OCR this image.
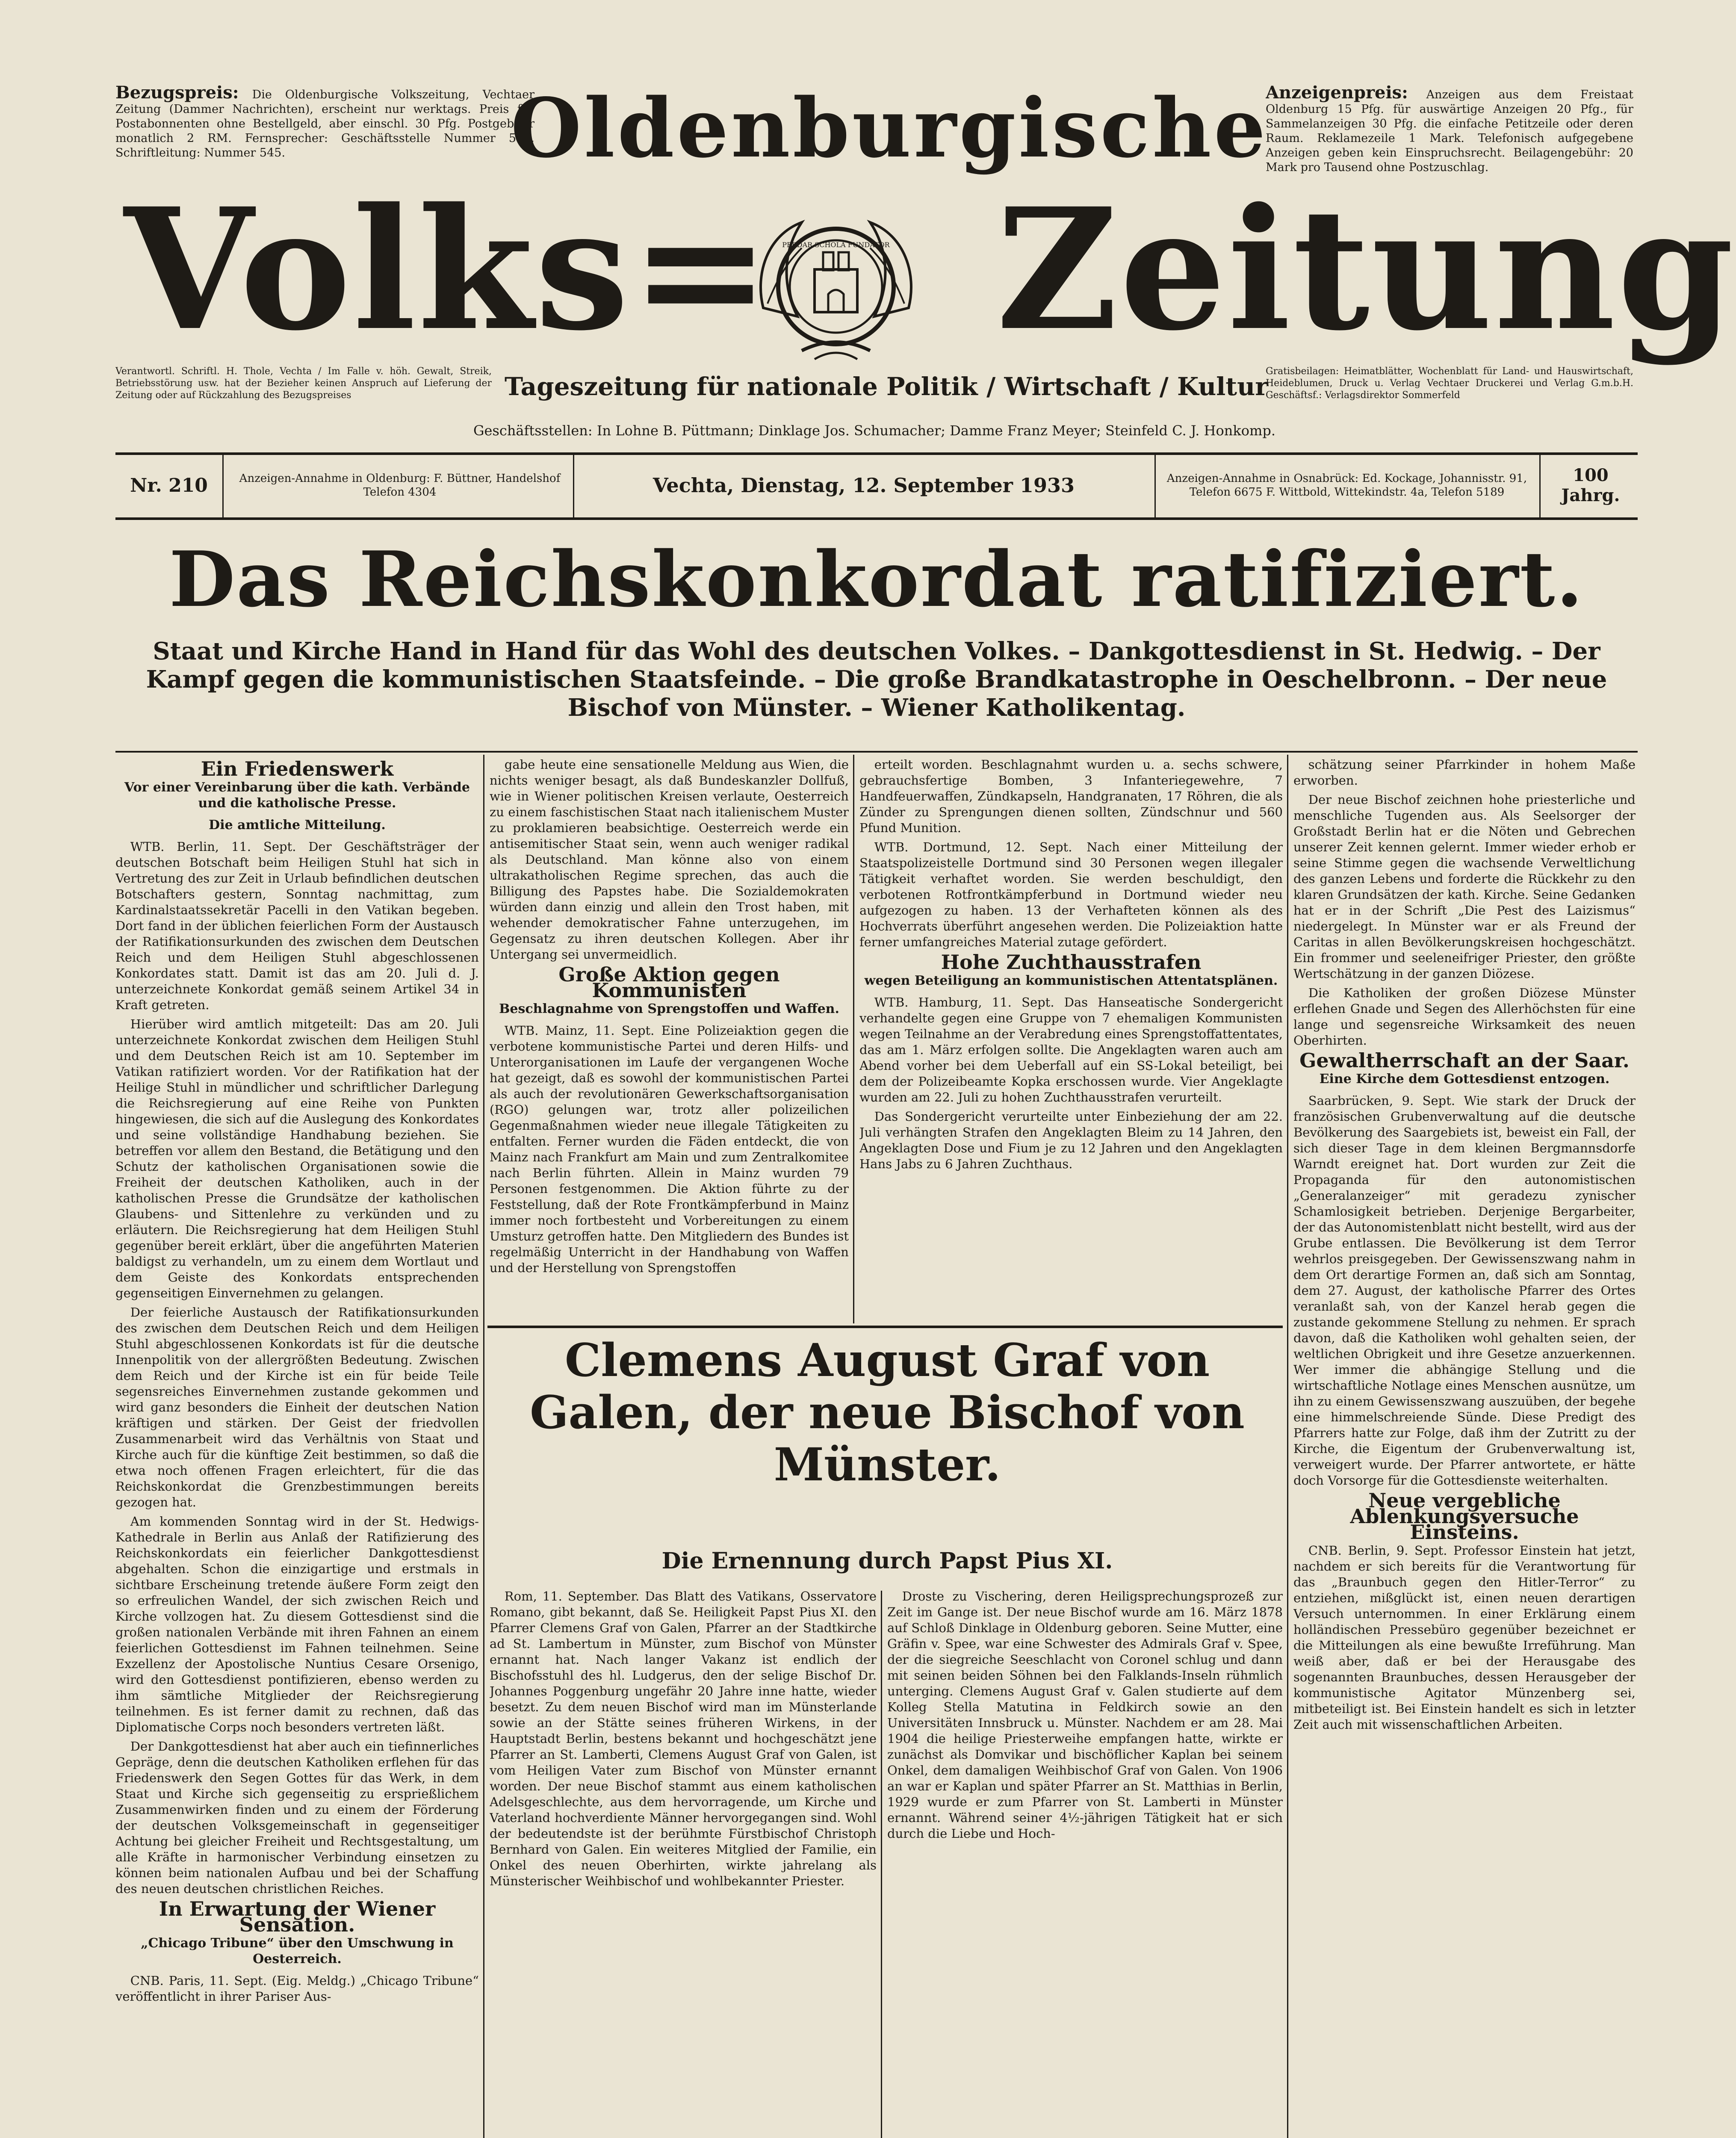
Bezugspreis: Die Oldenburgische Volkszeitung, Vechtaer Zeitung (Dammer Nachrichten), erscheint nur werktags. Preis für Postabonnenten ohne Bestellgeld, aber einschl. 30 Pfg. Postgebühr monatlich 2 RM. Fernsprecher: Geschäftsstelle Nummer 544, Schriftleitung: Nummer 545.
Anzeigenpreis: Anzeigen aus dem Freistaat Oldenburg 15 Pfg. für auswärtige Anzeigen 20 Pfg., für Sammelanzeigen 30 Pfg. die einfache Petitzeile oder deren Raum. Reklamezeile 1 Mark. Telefonisch aufgegebene Anzeigen geben kein Einspruchsrecht. Beilagengebühr: 20 Mark pro Tausend ohne Postzuschlag.
Oldenburgische
Volks= Zeitung
PERDAR SCHOLA FUNDATOR
Verantwortl. Schriftl. H. Thole, Vechta / Im Falle v. höh. Gewalt, Streik, Betriebsstörung usw. hat der Bezieher keinen Anspruch auf Lieferung der Zeitung oder auf Rückzahlung des Bezugspreises	Tageszeitung für nationale Politik / Wirtschaft / Kultur
Gratisbeilagen: Heimatblätter, Wochenblatt für Land- und Hauswirtschaft, Heideblumen, Druck u. Verlag Vechtaer Druckerei und Verlag G.m.b.H. Geschäftsf.: Verlagsdirektor Sommerfeld
Geschäftsstellen: In Lohne B. Püttmann; Dinklage Jos. Schumacher; Damme Franz Meyer; Steinfeld C. J. Honkomp.
Nr. 210	Anzeigen-Annahme in Oldenburg: F. Büttner, Handelshof Telefon 4304	Vechta, Dienstag, 12. September 1933	Anzeigen-Annahme in Osnabrück: Ed. Kockage, Johannisstr. 91, Telefon 6675 F. Wittbold, Wittekindstr. 4a, Telefon 5189
100 Jahrg.
Das Reichskonkordat ratifiziert.
Staat und Kirche Hand in Hand für das Wohl des deutschen Volkes. – Dankgottesdienst in St. Hedwig. – Der Kampf gegen die kommunistischen Staatsfeinde. – Die große Brandkatastrophe in Oeschelbronn. – Der neue Bischof von Münster. – Wiener Katholikentag.
Ein Friedenswerk
Vor einer Vereinbarung über die kath. Verbände und die katholische Presse.
Die amtliche Mitteilung.

WTB. Berlin, 11. Sept. Der Geschäftsträger der deutschen Botschaft beim Heiligen Stuhl hat sich in Vertretung des zur Zeit in Urlaub befindlichen deutschen Botschafters gestern, Sonntag nachmittag, zum Kardinalstaatssekretär Pacelli in den Vatikan begeben. Dort fand in der üblichen feierlichen Form der Austausch der Ratifikationsurkunden des zwischen dem Deutschen Reich und dem Heiligen Stuhl abgeschlossenen Konkordates statt. Damit ist das am 20. Juli d. J. unterzeichnete Konkordat gemäß seinem Artikel 34 in Kraft getreten.

Hierüber wird amtlich mitgeteilt: Das am 20. Juli unterzeichnete Konkordat zwischen dem Heiligen Stuhl und dem Deutschen Reich ist am 10. September im Vatikan ratifiziert worden. Vor der Ratifikation hat der Heilige Stuhl in mündlicher und schriftlicher Darlegung die Reichsregierung auf eine Reihe von Punkten hingewiesen, die sich auf die Auslegung des Konkordates und seine vollständige Handhabung beziehen. Sie betreffen vor allem den Bestand, die Betätigung und den Schutz der katholischen Organisationen sowie die Freiheit der deutschen Katholiken, auch in der katholischen Presse die Grundsätze der katholischen Glaubens- und Sittenlehre zu verkünden und zu erläutern. Die Reichsregierung hat dem Heiligen Stuhl gegenüber bereit erklärt, über die angeführten Materien baldigst zu verhandeln, um zu einem dem Wortlaut und dem Geiste des Konkordats entsprechenden gegenseitigen Einvernehmen zu gelangen.

Der feierliche Austausch der Ratifikationsurkunden des zwischen dem Deutschen Reich und dem Heiligen Stuhl abgeschlossenen Konkordats ist für die deutsche Innenpolitik von der allergrößten Bedeutung. Zwischen dem Reich und der Kirche ist ein für beide Teile segensreiches Einvernehmen zustande gekommen und wird ganz besonders die Einheit der deutschen Nation kräftigen und stärken. Der Geist der friedvollen Zusammenarbeit wird das Verhältnis von Staat und Kirche auch für die künftige Zeit bestimmen, so daß die etwa noch offenen Fragen erleichtert, für die das Reichskonkordat die Grenzbestimmungen bereits gezogen hat.

Am kommenden Sonntag wird in der St. Hedwigs-Kathedrale in Berlin aus Anlaß der Ratifizierung des Reichskonkordats ein feierlicher Dankgottesdienst abgehalten. Schon die einzigartige und erstmals in sichtbare Erscheinung tretende äußere Form zeigt den so erfreulichen Wandel, der sich zwischen Reich und Kirche vollzogen hat. Zu diesem Gottesdienst sind die großen nationalen Verbände mit ihren Fahnen an einem feierlichen Gottesdienst im Fahnen teilnehmen. Seine Exzellenz der Apostolische Nuntius Cesare Orsenigo, wird den Gottesdienst pontifizieren, ebenso werden zu ihm sämtliche Mitglieder der Reichsregierung teilnehmen. Es ist ferner damit zu rechnen, daß das Diplomatische Corps noch besonders vertreten läßt.

Der Dankgottesdienst hat aber auch ein tiefinnerliches Gepräge, denn die deutschen Katholiken erflehen für das Friedenswerk den Segen Gottes für das Werk, in dem Staat und Kirche sich gegenseitig zu ersprießlichem Zusammenwirken finden und zu einem der Förderung der deutschen Volksgemeinschaft in gegenseitiger Achtung bei gleicher Freiheit und Rechtsgestaltung, um alle Kräfte in harmonischer Verbindung einsetzen zu können beim nationalen Aufbau und bei der Schaffung des neuen deutschen christlichen Reiches.

In Erwartung der Wiener Sensation.
„Chicago Tribune“ über den Umschwung in Oesterreich.

CNB. Paris, 11. Sept. (Eig. Meldg.) „Chicago Tribune“ veröffentlicht in ihrer Pariser Aus-

gabe heute eine sensationelle Meldung aus Wien, die nichts weniger besagt, als daß Bundeskanzler Dollfuß, wie in Wiener politischen Kreisen verlaute, Oesterreich zu einem faschistischen Staat nach italienischem Muster zu proklamieren beabsichtige. Oesterreich werde ein antisemitischer Staat sein, wenn auch weniger radikal als Deutschland. Man könne also von einem ultrakatholischen Regime sprechen, das auch die Billigung des Papstes habe. Die Sozialdemokraten würden dann einzig und allein den Trost haben, mit wehender demokratischer Fahne unterzugehen, im Gegensatz zu ihren deutschen Kollegen. Aber ihr Untergang sei unvermeidlich.

Große Aktion gegen Kommunisten
Beschlagnahme von Sprengstoffen und Waffen.

WTB. Mainz, 11. Sept. Eine Polizeiaktion gegen die verbotene kommunistische Partei und deren Hilfs- und Unterorganisationen im Laufe der vergangenen Woche hat gezeigt, daß es sowohl der kommunistischen Partei als auch der revolutionären Gewerkschaftsorganisation (RGO) gelungen war, trotz aller polizeilichen Gegenmaßnahmen wieder neue illegale Tätigkeiten zu entfalten. Ferner wurden die Fäden entdeckt, die von Mainz nach Frankfurt am Main und zum Zentralkomitee nach Berlin führten. Allein in Mainz wurden 79 Personen festgenommen. Die Aktion führte zu der Feststellung, daß der Rote Frontkämpferbund in Mainz immer noch fortbesteht und Vorbereitungen zu einem Umsturz getroffen hatte. Den Mitgliedern des Bundes ist regelmäßig Unterricht in der Handhabung von Waffen und der Herstellung von Sprengstoffen

erteilt worden. Beschlagnahmt wurden u. a. sechs schwere, gebrauchsfertige Bomben, 3 Infanteriegewehre, 7 Handfeuerwaffen, Zündkapseln, Handgranaten, 17 Röhren, die als Zünder zu Sprengungen dienen sollten, Zündschnur und 560 Pfund Munition.

WTB. Dortmund, 12. Sept. Nach einer Mitteilung der Staatspolizeistelle Dortmund sind 30 Personen wegen illegaler Tätigkeit verhaftet worden. Sie werden beschuldigt, den verbotenen Rotfrontkämpferbund in Dortmund wieder neu aufgezogen zu haben. 13 der Verhafteten können als des Hochverrats überführt angesehen werden. Die Polizeiaktion hatte ferner umfangreiches Material zutage gefördert.

Hohe Zuchthausstrafen
wegen Beteiligung an kommunistischen Attentatsplänen.

WTB. Hamburg, 11. Sept. Das Hanseatische Sondergericht verhandelte gegen eine Gruppe von 7 ehemaligen Kommunisten wegen Teilnahme an der Verabredung eines Sprengstoffattentates, das am 1. März erfolgen sollte. Die Angeklagten waren auch am Abend vorher bei dem Ueberfall auf ein SS-Lokal beteiligt, bei dem der Polizeibeamte Kopka erschossen wurde. Vier Angeklagte wurden am 22. Juli zu hohen Zuchthausstrafen verurteilt.

Das Sondergericht verurteilte unter Einbeziehung der am 22. Juli verhängten Strafen den Angeklagten Bleim zu 14 Jahren, den Angeklagten Dose und Fium je zu 12 Jahren und den Angeklagten Hans Jabs zu 6 Jahren Zuchthaus.

Clemens August Graf von Galen, der neue Bischof von Münster.
Die Ernennung durch Papst Pius XI.

Rom, 11. September. Das Blatt des Vatikans, Osservatore Romano, gibt bekannt, daß Se. Heiligkeit Papst Pius XI. den Pfarrer Clemens Graf von Galen, Pfarrer an der Stadtkirche ad St. Lambertum in Münster, zum Bischof von Münster ernannt hat. Nach langer Vakanz ist endlich der Bischofsstuhl des hl. Ludgerus, den der selige Bischof Dr. Johannes Poggenburg ungefähr 20 Jahre inne hatte, wieder besetzt. Zu dem neuen Bischof wird man im Münsterlande sowie an der Stätte seines früheren Wirkens, in der Hauptstadt Berlin, bestens bekannt und hochgeschätzt jene Pfarrer an St. Lamberti, Clemens August Graf von Galen, ist vom Heiligen Vater zum Bischof von Münster ernannt worden. Der neue Bischof stammt aus einem katholischen Adelsgeschlechte, aus dem hervorragende, um Kirche und Vaterland hochverdiente Männer hervorgegangen sind. Wohl der bedeutendste ist der berühmte Fürstbischof Christoph Bernhard von Galen. Ein weiteres Mitglied der Familie, ein Onkel des neuen Oberhirten, wirkte jahrelang als Münsterischer Weihbischof und wohlbekannter Priester.

Droste zu Vischering, deren Heiligsprechungsprozeß zur Zeit im Gange ist. Der neue Bischof wurde am 16. März 1878 auf Schloß Dinklage in Oldenburg geboren. Seine Mutter, eine Gräfin v. Spee, war eine Schwester des Admirals Graf v. Spee, der die siegreiche Seeschlacht von Coronel schlug und dann mit seinen beiden Söhnen bei den Falklands-Inseln rühmlich unterging. Clemens August Graf v. Galen studierte auf dem Kolleg Stella Matutina in Feldkirch sowie an den Universitäten Innsbruck u. Münster. Nachdem er am 28. Mai 1904 die heilige Priesterweihe empfangen hatte, wirkte er zunächst als Domvikar und bischöflicher Kaplan bei seinem Onkel, dem damaligen Weihbischof Graf von Galen. Von 1906 an war er Kaplan und später Pfarrer an St. Matthias in Berlin, 1929 wurde er zum Pfarrer von St. Lamberti in Münster ernannt. Während seiner 4½-jährigen Tätigkeit hat er sich durch die Liebe und Hoch-

schätzung seiner Pfarrkinder in hohem Maße erworben.

Der neue Bischof zeichnen hohe priesterliche und menschliche Tugenden aus. Als Seelsorger der Großstadt Berlin hat er die Nöten und Gebrechen unserer Zeit kennen gelernt. Immer wieder erhob er seine Stimme gegen die wachsende Verweltlichung des ganzen Lebens und forderte die Rückkehr zu den klaren Grundsätzen der kath. Kirche. Seine Gedanken hat er in der Schrift „Die Pest des Laizismus“ niedergelegt. In Münster war er als Freund der Caritas in allen Bevölkerungskreisen hochgeschätzt. Ein frommer und seeleneifriger Priester, den größte Wertschätzung in der ganzen Diözese.

Die Katholiken der großen Diözese Münster erflehen Gnade und Segen des Allerhöchsten für eine lange und segensreiche Wirksamkeit des neuen Oberhirten.

Gewaltherrschaft an der Saar.
Eine Kirche dem Gottesdienst entzogen.

Saarbrücken, 9. Sept. Wie stark der Druck der französischen Grubenverwaltung auf die deutsche Bevölkerung des Saargebiets ist, beweist ein Fall, der sich dieser Tage in dem kleinen Bergmannsdorfe Warndt ereignet hat. Dort wurden zur Zeit die Propaganda für den autonomistischen „Generalanzeiger“ mit geradezu zynischer Schamlosigkeit betrieben. Derjenige Bergarbeiter, der das Autonomistenblatt nicht bestellt, wird aus der Grube entlassen. Die Bevölkerung ist dem Terror wehrlos preisgegeben. Der Gewissenszwang nahm in dem Ort derartige Formen an, daß sich am Sonntag, dem 27. August, der katholische Pfarrer des Ortes veranlaßt sah, von der Kanzel herab gegen die zustande gekommene Stellung zu nehmen. Er sprach davon, daß die Katholiken wohl gehalten seien, der weltlichen Obrigkeit und ihre Gesetze anzuerkennen. Wer immer die abhängige Stellung und die wirtschaftliche Notlage eines Menschen ausnütze, um ihn zu einem Gewissenszwang auszuüben, der begehe eine himmelschreiende Sünde. Diese Predigt des Pfarrers hatte zur Folge, daß ihm der Zutritt zu der Kirche, die Eigentum der Grubenverwaltung ist, verweigert wurde. Der Pfarrer antwortete, er hätte doch Vorsorge für die Gottesdienste weiterhalten.

Neue vergebliche Ablenkungsversuche Einsteins.

CNB. Berlin, 9. Sept. Professor Einstein hat jetzt, nachdem er sich bereits für die Verantwortung für das „Braunbuch gegen den Hitler-Terror“ zu entziehen, mißglückt ist, einen neuen derartigen Versuch unternommen. In einer Erklärung einem holländischen Pressebüro gegenüber bezeichnet er die Mitteilungen als eine bewußte Irreführung. Man weiß aber, daß er bei der Herausgabe des sogenannten Braunbuches, dessen Herausgeber der kommunistische Agitator Münzenberg sei, mitbeteiligt ist. Bei Einstein handelt es sich in letzter Zeit auch mit wissenschaftlichen Arbeiten.
